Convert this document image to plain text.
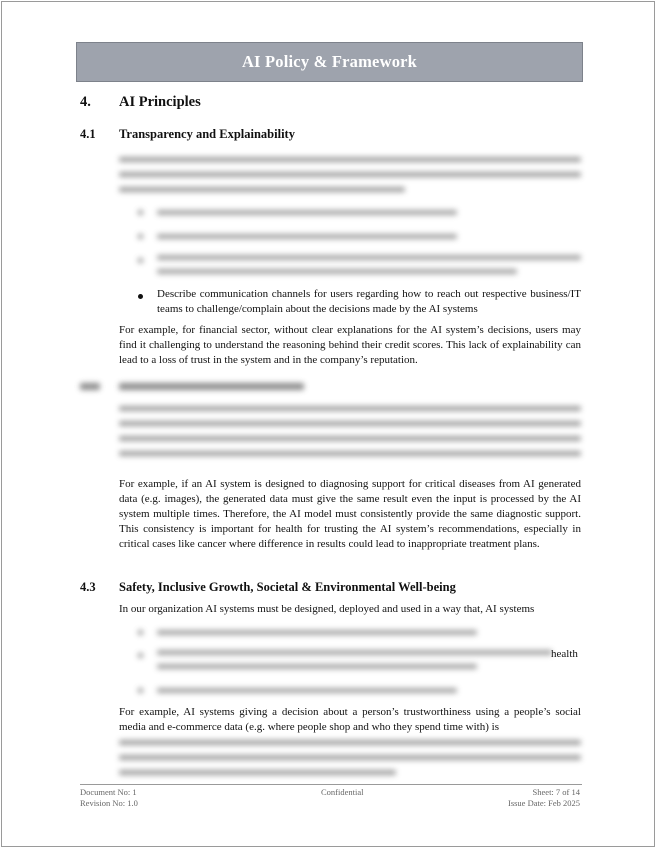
AI Policy & Framework
4. AI Principles
4.1 Transparency and Explainability
Describe communication channels for users regarding how to reach out respective business/IT teams to challenge/complain about the decisions made by the AI systems
For example, for financial sector, without clear explanations for the AI system’s decisions, users may find it challenging to understand the reasoning behind their credit scores. This lack of explainability can lead to a loss of trust in the system and in the company’s reputation.
For example, if an AI system is designed to diagnosing support for critical diseases from AI generated data (e.g. images), the generated data must give the same result even the input is processed by the AI system multiple times. Therefore, the AI model must consistently provide the same diagnostic support. This consistency is important for health for trusting the AI system’s recommendations, especially in critical cases like cancer where difference in results could lead to inappropriate treatment plans.
4.3 Safety, Inclusive Growth, Societal & Environmental Well-being
In our organization AI systems must be designed, deployed and used in a way that, AI systems
health
For example, AI systems giving a decision about a person’s trustworthiness using a people’s social media and e-commerce data (e.g. where people shop and who they spend time with) is
Document No: 1
Revision No: 1.0
Confidential	Sheet: 7 of 14
Issue Date: Feb 2025
